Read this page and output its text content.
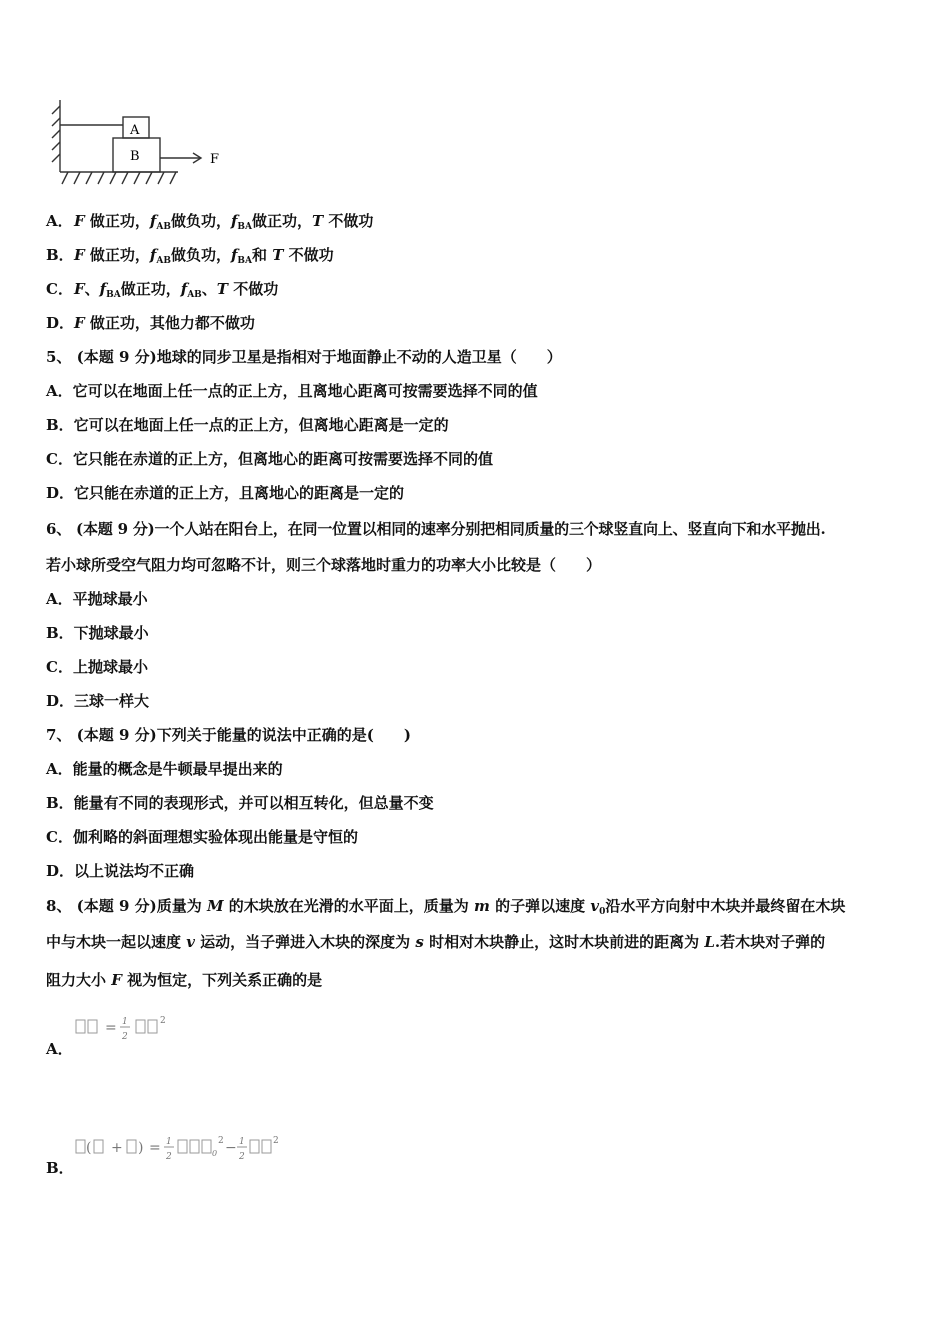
A
B	F
A．F 做正功，$f_{AB}$做负功，$f_{BA}$做正功，T 不做功
B．F 做正功，$f_{AB}$做负功，$f_{BA}$和 T 不做功
C．F、$f_{BA}$做正功，$f_{AB}$、T 不做功
D．F 做正功，其他力都不做功
5、 (本题 9 分)地球的同步卫星是指相对于地面静止不动的人造卫星（　　）
A．它可以在地面上任一点的正上方，且离地心距离可按需要选择不同的值
B．它可以在地面上任一点的正上方，但离地心距离是一定的
C．它只能在赤道的正上方，但离地心的距离可按需要选择不同的值
D．它只能在赤道的正上方，且离地心的距离是一定的
6、 (本题 9 分)一个人站在阳台上，在同一位置以相同的速率分别把相同质量的三个球竖直向上、竖直向下和水平抛出.
若小球所受空气阻力均可忽略不计，则三个球落地时重力的功率大小比较是（　　）
A．平抛球最小
B．下抛球最小
C．上抛球最小
D．三球一样大
7、 (本题 9 分)下列关于能量的说法中正确的是(　　)
A．能量的概念是牛顿最早提出来的
B．能量有不同的表现形式，并可以相互转化，但总量不变
C．伽利略的斜面理想实验体现出能量是守恒的
D．以上说法均不正确
8、 (本题 9 分)质量为 M 的木块放在光滑的水平面上，质量为 m 的子弹以速度 $v_0$沿水平方向射中木块并最终留在木块
中与木块一起以速度 v 运动，当子弹进入木块的深度为 s 时相对木块静止，这时木块前进的距离为 L.若木块对子弹的
阻力大小 F 视为恒定，下列关系正确的是
= 1
2
2
A．
( + ) = 1
2	0
2 − 1
2
2
B．
